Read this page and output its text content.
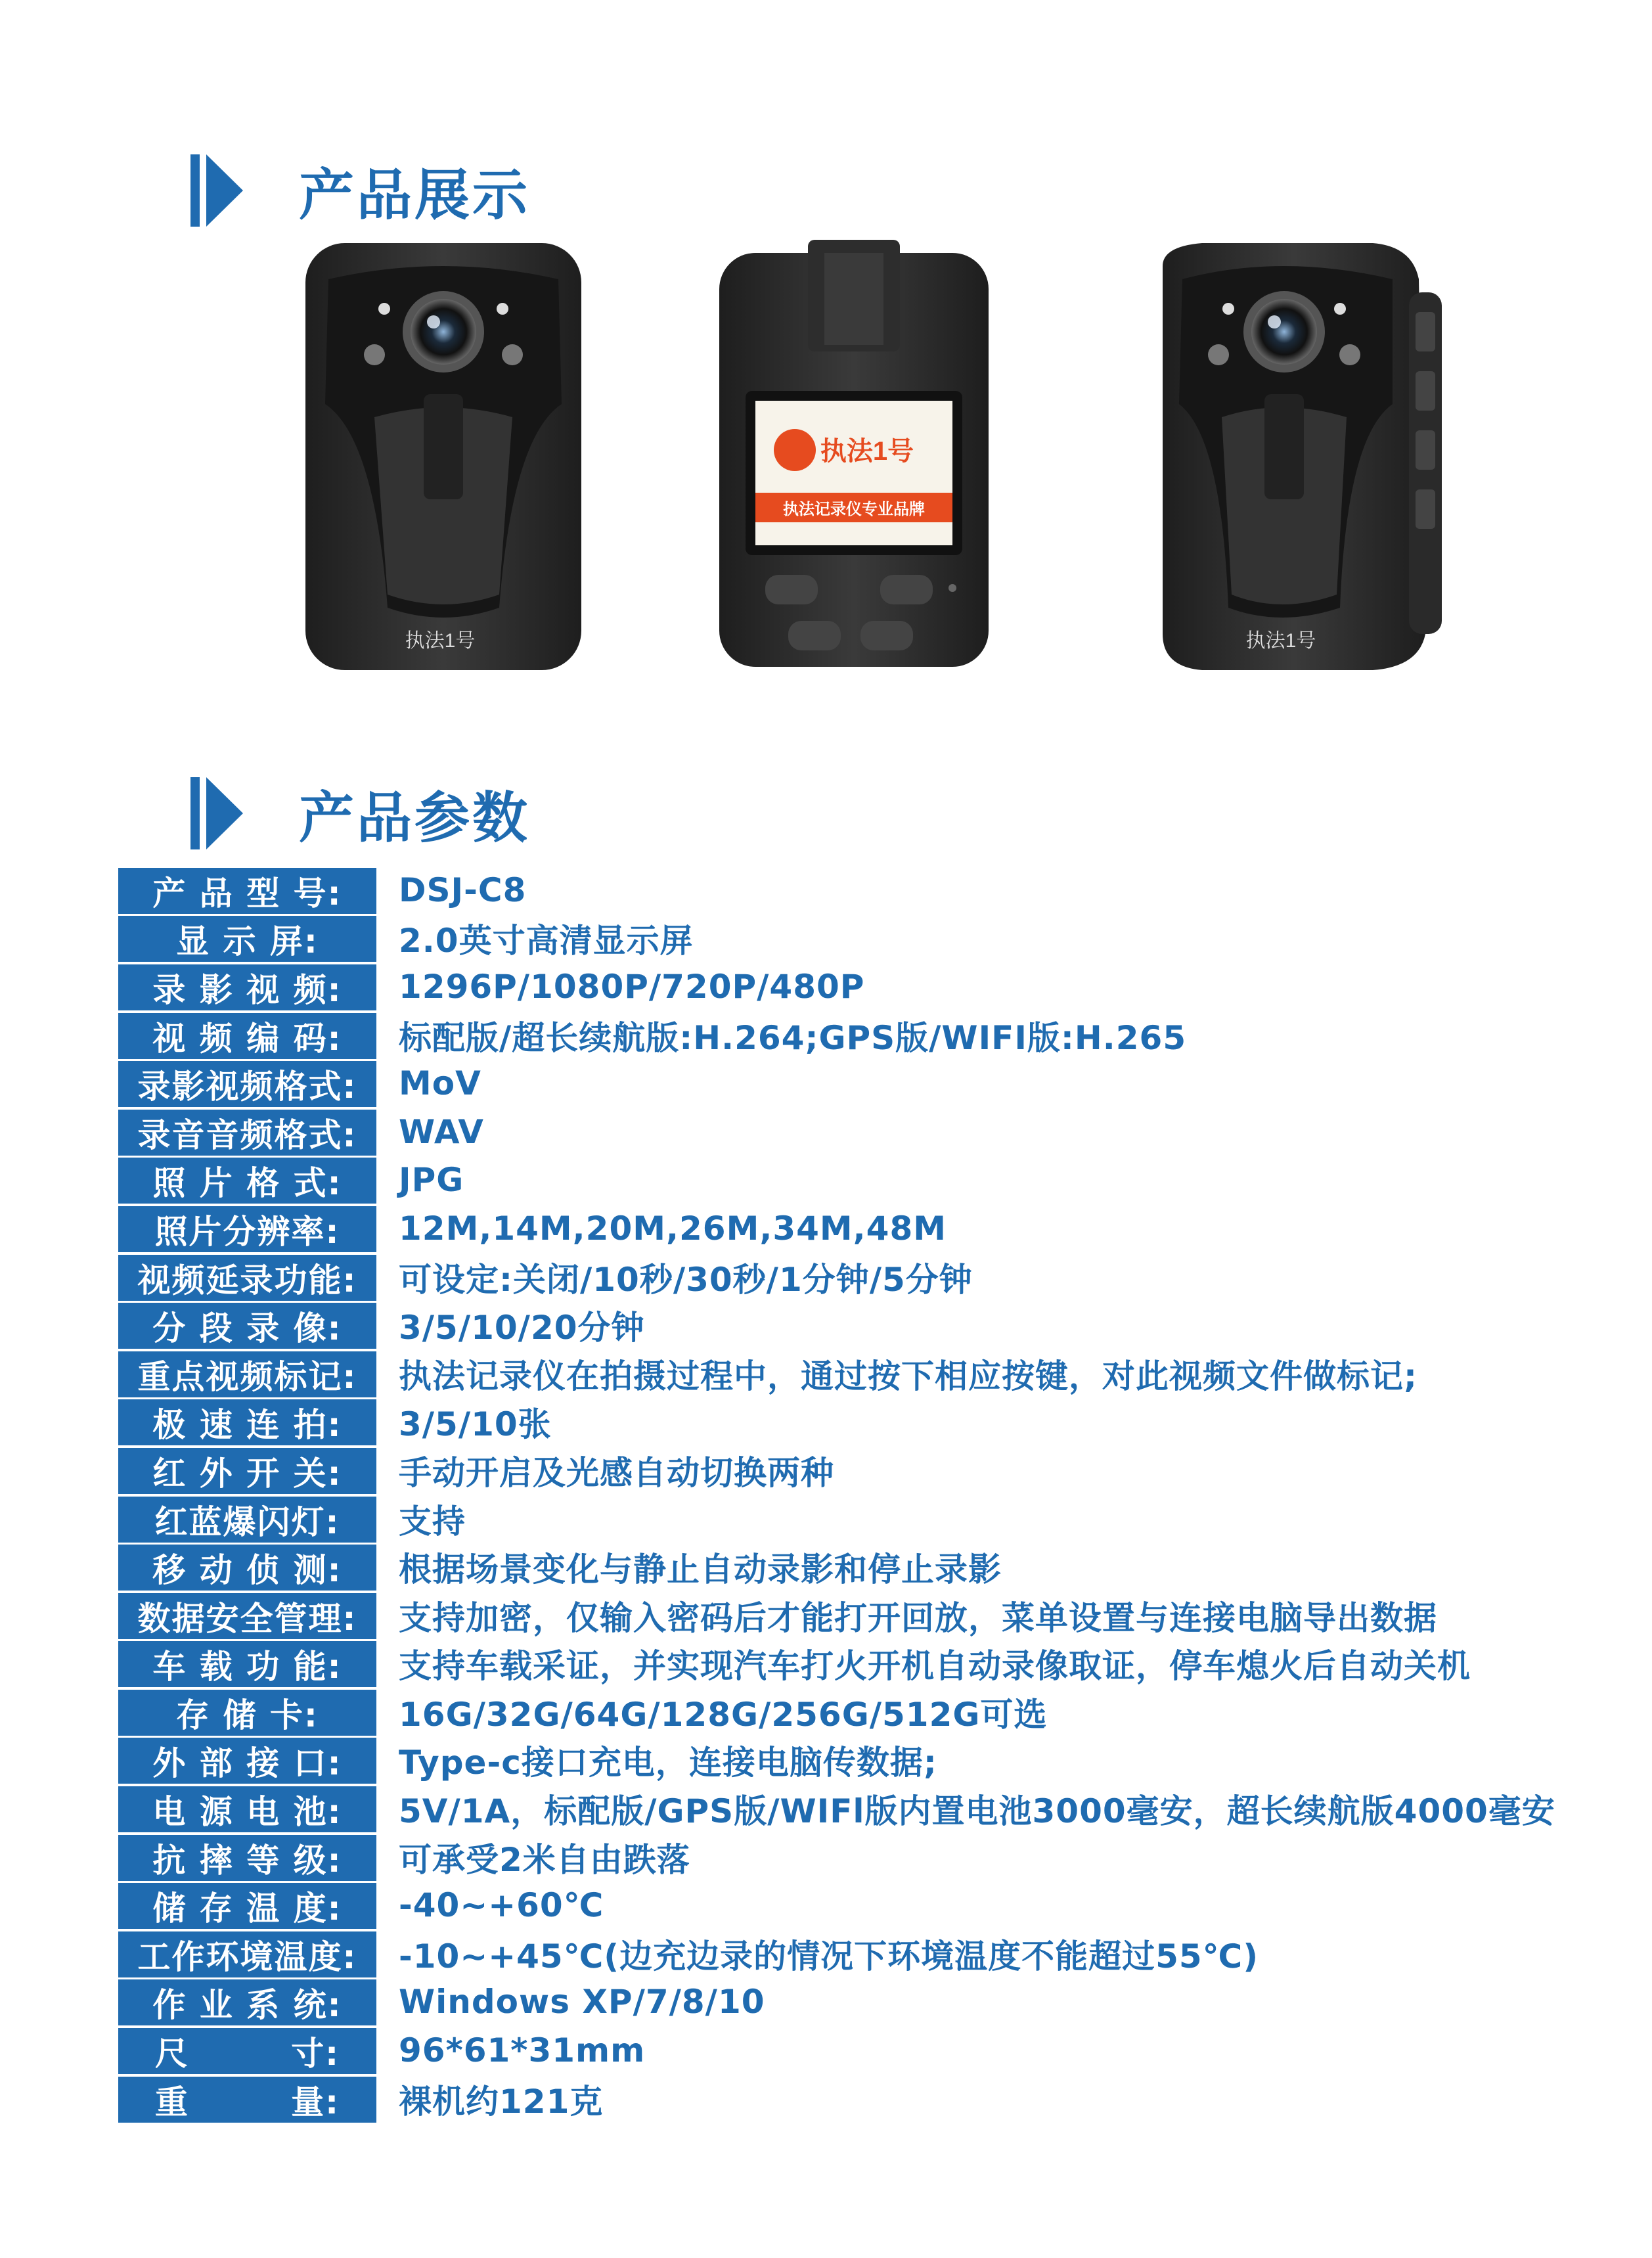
产品展示
执法1号
执法1号
执法记录仪专业品牌
执法1号
产品参数
产 品 型 号:	DSJ-C8
显 示 屏:	2.0英寸高清显示屏
录 影 视 频:	1296P/1080P/720P/480P
视 频 编 码:	标配版/超长续航版:H.264;GPS版/WIFI版:H.265
录影视频格式:	MoV
录音音频格式:	WAV
照 片 格 式:	JPG
照片分辨率:	12M,14M,20M,26M,34M,48M
视频延录功能:	可设定:关闭/10秒/30秒/1分钟/5分钟
分 段 录 像:	3/5/10/20分钟
重点视频标记:	执法记录仪在拍摄过程中，通过按下相应按键，对此视频文件做标记;
极 速 连 拍:	3/5/10张
红 外 开 关:	手动开启及光感自动切换两种
红蓝爆闪灯:	支持
移 动 侦 测:	根据场景变化与静止自动录影和停止录影
数据安全管理:	支持加密，仅输入密码后才能打开回放，菜单设置与连接电脑导出数据
车 载 功 能:	支持车载采证，并实现汽车打火开机自动录像取证，停车熄火后自动关机
存 储 卡:	16G/32G/64G/128G/256G/512G可选
外 部 接 口:	Type-c接口充电，连接电脑传数据;
电 源 电 池:	5V/1A，标配版/GPS版/WIFl版内置电池3000毫安，超长续航版4000毫安
抗 摔 等 级:	可承受2米自由跌落
储 存 温 度:	-40~+60℃
工作环境温度:	-10~+45℃(边充边录的情况下环境温度不能超过55℃)
作 业 系 统:	Windows XP/7/8/10
尺        寸:	96*61*31mm
重        量:	裸机约121克
